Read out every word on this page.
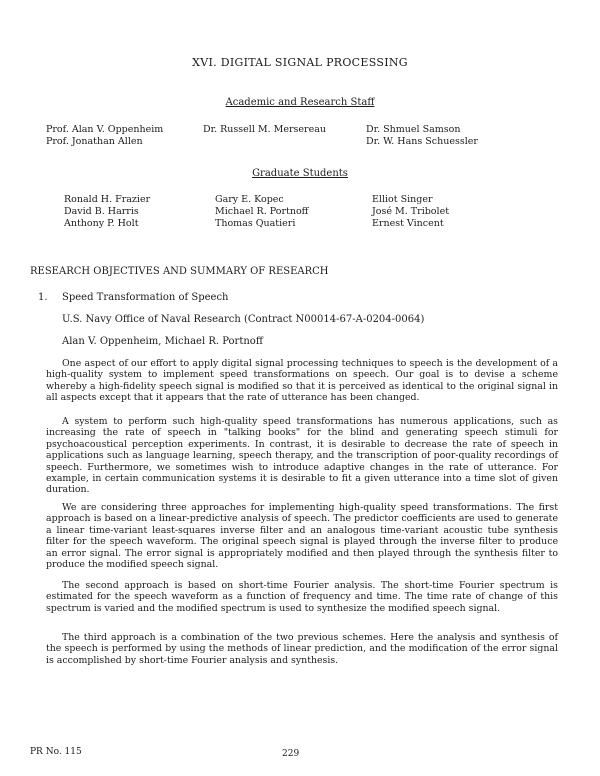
XVI. DIGITAL SIGNAL PROCESSING
Academic and Research Staff
Prof. Alan V. Oppenheim
Prof. Jonathan Allen
Dr. Russell M. Mersereau	Dr. Shmuel Samson
Dr. W. Hans Schuessler
Graduate Students
Ronald H. Frazier
David B. Harris
Anthony P. Holt
Gary E. Kopec
Michael R. Portnoff
Thomas Quatieri
Elliot Singer
José M. Tribolet
Ernest Vincent
RESEARCH OBJECTIVES AND SUMMARY OF RESEARCH
1. Speed Transformation of Speech
U.S. Navy Office of Naval Research (Contract N00014-67-A-0204-0064)
Alan V. Oppenheim, Michael R. Portnoff

One aspect of our effort to apply digital signal processing techniques to speech is the development of a high-quality system to implement speed transformations on speech. Our goal is to devise a scheme whereby a high-fidelity speech signal is modified so that it is perceived as identical to the original signal in all aspects except that it appears that the rate of utterance has been changed.

A system to perform such high-quality speed transformations has numerous applications, such as increasing the rate of speech in "talking books" for the blind and generating speech stimuli for psychoacoustical perception experiments. In contrast, it is desirable to decrease the rate of speech in applications such as language learning, speech therapy, and the transcription of poor-quality recordings of speech. Furthermore, we sometimes wish to introduce adaptive changes in the rate of utterance. For example, in certain communication systems it is desirable to fit a given utterance into a time slot of given duration.

We are considering three approaches for implementing high-quality speed transformations. The first approach is based on a linear-predictive analysis of speech. The predictor coefficients are used to generate a linear time-variant least-squares inverse filter and an analogous time-variant acoustic tube synthesis filter for the speech waveform. The original speech signal is played through the inverse filter to produce an error signal. The error signal is appropriately modified and then played through the synthesis filter to produce the modified speech signal.

The second approach is based on short-time Fourier analysis. The short-time Fourier spectrum is estimated for the speech waveform as a function of frequency and time. The time rate of change of this spectrum is varied and the modified spectrum is used to synthesize the modified speech signal.

The third approach is a combination of the two previous schemes. Here the analysis and synthesis of the speech is performed by using the methods of linear prediction, and the modification of the error signal is accomplished by short-time Fourier analysis and synthesis.

PR No. 115	229
